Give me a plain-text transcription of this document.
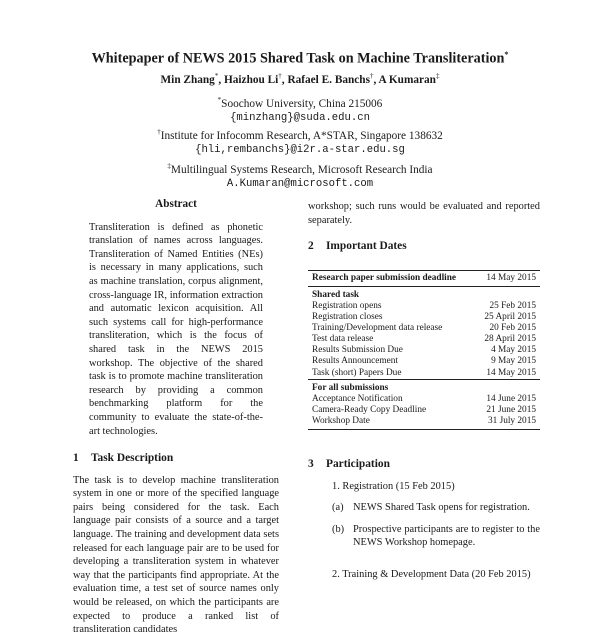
Whitepaper of NEWS 2015 Shared Task on Machine Transliteration*
Min Zhang*, Haizhou Li†, Rafael E. Banchs†, A Kumaran‡
*Soochow University, China 215006
{minzhang}@suda.edu.cn
†Institute for Infocomm Research, A*STAR, Singapore 138632
{hli,rembanchs}@i2r.a-star.edu.sg
‡Multilingual Systems Research, Microsoft Research India
A.Kumaran@microsoft.com
Abstract
Transliteration is defined as phonetic translation of names across languages. Transliteration of Named Entities (NEs) is necessary in many applications, such as machine translation, corpus alignment, cross-language IR, information extraction and automatic lexicon acquisition. All such systems call for high-performance transliteration, which is the focus of shared task in the NEWS 2015 workshop. The objective of the shared task is to promote machine transliteration research by providing a common benchmarking platform for the community to evaluate the state-of-the-art technologies.
1 Task Description
The task is to develop machine transliteration system in one or more of the specified language pairs being considered for the task. Each language pair consists of a source and a target language. The training and development data sets released for each language pair are to be used for developing a transliteration system in whatever way that the participants find appropriate. At the evaluation time, a test set of source names only would be released, on which the participants are expected to produce a ranked list of transliteration candidates
workshop; such runs would be evaluated and reported separately.
2 Important Dates
Research paper submission deadline	14 May 2015
Shared task	
Registration opens	25 Feb 2015
Registration closes	25 April 2015
Training/Development data release	20 Feb 2015
Test data release	28 April 2015
Results Submission Due	4 May 2015
Results Announcement	9 May 2015
Task (short) Papers Due	14 May 2015
For all submissions	
Acceptance Notification	14 June 2015
Camera-Ready Copy Deadline	21 June 2015
Workshop Date	31 July 2015
3 Participation
1. Registration (15 Feb 2015)
(a) NEWS Shared Task opens for registration.
(b) Prospective participants are to register to the NEWS Workshop homepage.
2. Training & Development Data (20 Feb 2015)
